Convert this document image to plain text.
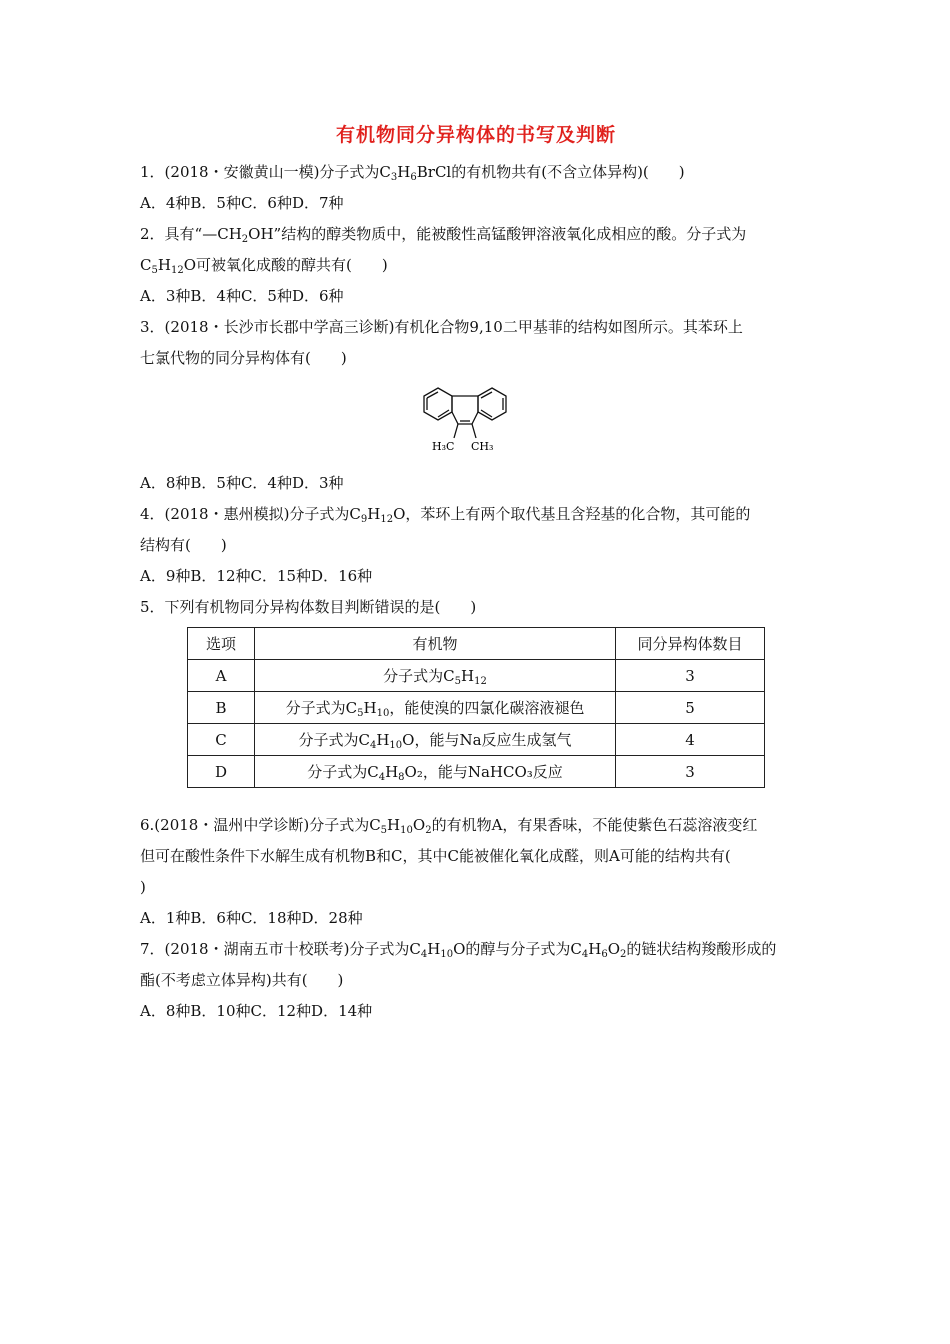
有机物同分异构体的书写及判断
1．(2018・安徽黄山一模)分子式为$C_3H_6BrCl$的有机物共有(不含立体异构)(　　)
A．4种B．5种C．6种D．7种
2．具有“$—CH_2OH$”结构的醇类物质中，能被酸性高锰酸钾溶液氧化成相应的酸。分子式为
$C_5H_{12}O$可被氧化成酸的醇共有(　　)
A．3种B．4种C．5种D．6种
3．(2018・长沙市长郡中学高三诊断)有机化合物9,10二甲基菲的结构如图所示。其苯环上
七氯代物的同分异构体有(　　)
H₃C CH₃
A．8种B．5种C．4种D．3种
4．(2018・惠州模拟)分子式为$C_9H_{12}O$，苯环上有两个取代基且含羟基的化合物，其可能的
结构有(　　)
A．9种B．12种C．15种D．16种
5．下列有机物同分异构体数目判断错误的是(　　)
选项	有机物	同分异构体数目
A	分子式为$C_5H_{12}$	3
B	分子式为$C_5H_{10}$，能使溴的四氯化碳溶液褪色	5
C	分子式为$C_4H_{10}O$，能与Na反应生成氢气	4
D	分子式为$C_4H_8O_2$，能与NaHCO₃反应	3
6.(2018・温州中学诊断)分子式为$C_5H_{10}O_2$的有机物A，有果香味，不能使紫色石蕊溶液变红
但可在酸性条件下水解生成有机物B和C，其中C能被催化氧化成醛，则A可能的结构共有(
)
A．1种B．6种C．18种D．28种
7．(2018・湖南五市十校联考)分子式为$C_4H_{10}O$的醇与分子式为$C_4H_6O_2$的链状结构羧酸形成的
酯(不考虑立体异构)共有(　　)
A．8种B．10种C．12种D．14种
